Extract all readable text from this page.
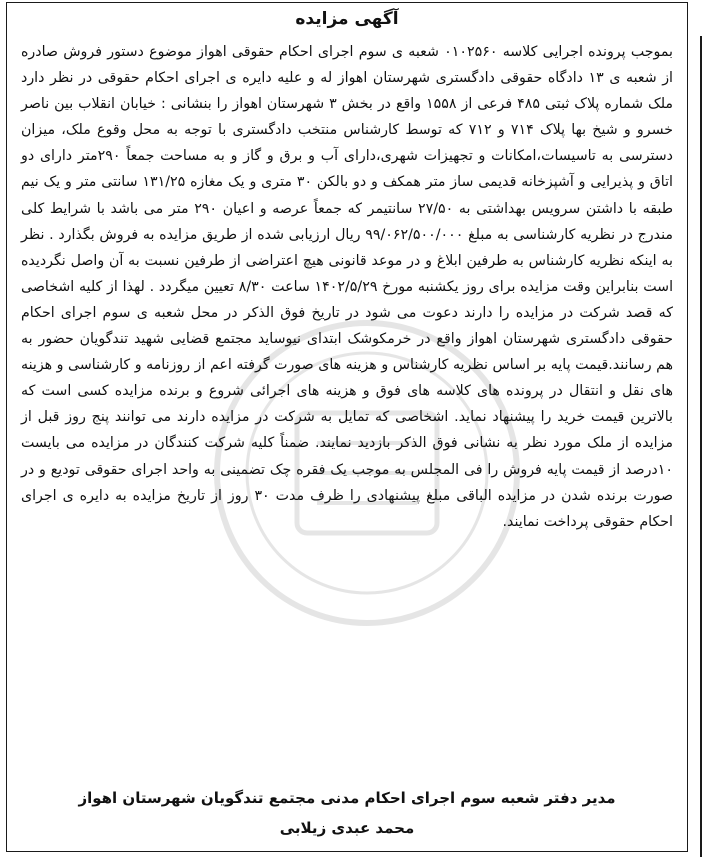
آگهی مزایده

بموجب پرونده اجرایی کلاسه ۰۱۰۲۵۶۰ شعبه ی سوم اجرای احکام حقوقی اهواز موضوع دستور فروش صادره از شعبه ی ۱۳ دادگاه حقوقی دادگستری شهرستان اهواز له و علیه دایره ی اجرای احکام حقوقی در نظر دارد ملک شماره پلاک ثبتی ۴۸۵ فرعی از ۱۵۵۸ واقع در بخش ۳ شهرستان اهواز را بنشانی : خیابان انقلاب بین ناصر خسرو و شیخ بها پلاک ۷۱۴ و ۷۱۲ که توسط کارشناس منتخب دادگستری با توجه به محل وقوع ملک، میزان دسترسی به تاسیسات،امکانات و تجهیزات شهری،دارای آب و برق و گاز و به مساحت جمعاً ۲۹۰متر دارای دو اتاق و پذیرایی و آشپزخانه قدیمی ساز متر همکف و دو بالکن ۳۰ متری و یک مغازه ۱۳۱/۲۵ سانتی متر و یک نیم طبقه با داشتن سرویس بهداشتی به ۲۷/۵۰ سانتیمر که جمعاً عرصه و اعیان ۲۹۰ متر می باشد با شرایط کلی مندرج در نظریه کارشناسی به مبلغ ۹۹/۰۶۲/۵۰۰/۰۰۰ ریال ارزیابی شده از طریق مزایده به فروش بگذارد . نظر به اینکه نظریه کارشناس به طرفین ابلاغ و در موعد قانونی هیچ اعتراضی از طرفین نسبت به آن واصل نگردیده است بنابراین وقت مزایده برای روز یکشنبه مورخ ۱۴۰۲/۵/۲۹ ساعت ۸/۳۰ تعیین میگردد . لهذا از کلیه اشخاصی که قصد شرکت در مزایده را دارند دعوت می شود در تاریخ فوق الذکر در محل شعبه ی سوم اجرای احکام حقوقی دادگستری شهرستان اهواز واقع در خرمکوشک ابتدای نیوساید مجتمع قضایی شهید تندگویان حضور به هم رسانند.قیمت پایه بر اساس نظریه کارشناس و هزینه های صورت گرفته اعم از روزنامه و کارشناسی و هزینه های نقل و انتقال در پرونده های کلاسه های فوق و هزینه های اجرائی شروع و برنده مزایده کسی است که بالاترین قیمت خرید را پیشنهاد نماید. اشخاصی که تمایل به شرکت در مزایده دارند می توانند پنج روز قبل از مزایده از ملک مورد نظر به نشانی فوق الذکر بازدید نمایند. ضمناً کلیه شرکت کنندگان در مزایده می بایست ۱۰درصد از قیمت پایه فروش را فی المجلس به موجب یک فقره چک تضمینی به واحد اجرای حقوقی تودیع و در صورت برنده شدن در مزایده الباقی مبلغ پیشنهادی را ظرف مدت ۳۰ روز از تاریخ مزایده به دایره ی اجرای احکام حقوقی پرداخت نمایند.

مدیر دفتر شعبه سوم اجرای احکام مدنی مجتمع تندگویان شهرستان اهواز
محمد عبدی زیلابی
